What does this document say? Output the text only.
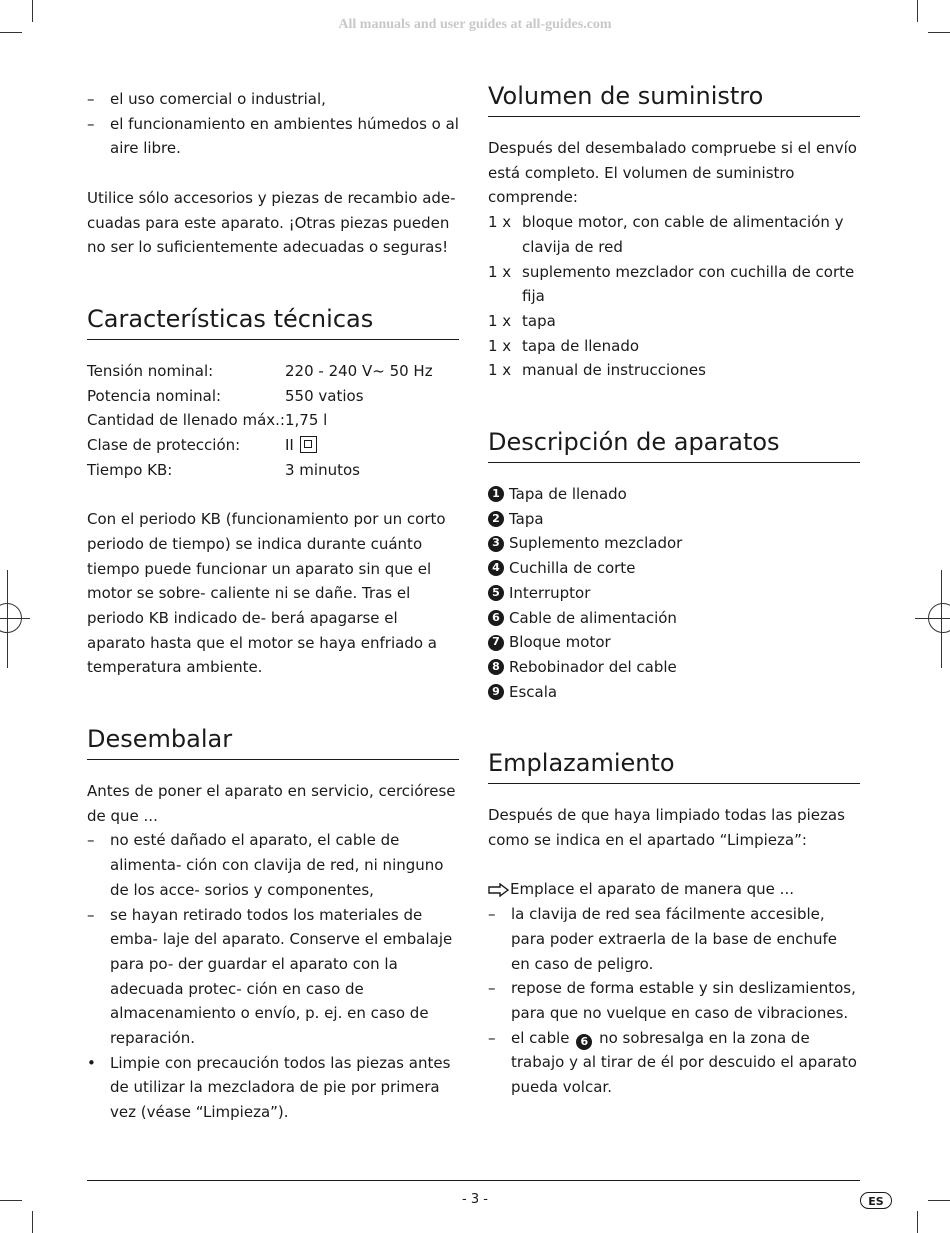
All manuals and user guides at all-guides.com
–	el uso comercial o industrial,
–	el funcionamiento en ambientes húmedos o al aire libre.

Utilice sólo accesorios y piezas de recambio ade- cuadas para este aparato. ¡Otras piezas pueden no ser lo suficientemente adecuadas o seguras!

Características técnicas
Tensión nominal:	220 - 240 V~ 50 Hz
Potencia nominal:	550 vatios
Cantidad de llenado máx.: 1,75 l
Clase de protección:	II
Tiempo KB:	3 minutos

Con el periodo KB (funcionamiento por un corto periodo de tiempo) se indica durante cuánto tiempo puede funcionar un aparato sin que el motor se sobre- caliente ni se dañe. Tras el periodo KB indicado de- berá apagarse el aparato hasta que el motor se haya enfriado a temperatura ambiente.

Desembalar

Antes de poner el aparato en servicio, cerciórese de que ...

–	no esté dañado el aparato, el cable de alimenta- ción con clavija de red, ni ninguno de los acce- sorios y componentes,
–	se hayan retirado todos los materiales de emba- laje del aparato. Conserve el embalaje para po- der guardar el aparato con la adecuada protec- ción en caso de almacenamiento o envío, p. ej. en caso de reparación.
• Limpie con precaución todos las piezas antes de utilizar la mezcladora de pie por primera vez (véase “Limpieza”).
Volumen de suministro

Después del desembalado compruebe si el envío está completo. El volumen de suministro comprende:

1 x bloque motor, con cable de alimentación y clavija de red
1 x suplemento mezclador con cuchilla de corte fija
1 x tapa
1 x tapa de llenado
1 x manual de instrucciones
Descripción de aparatos
1 Tapa de llenado
2 Tapa
3 Suplemento mezclador
4 Cuchilla de corte
5 Interruptor
6 Cable de alimentación
7 Bloque motor
8 Rebobinador del cable
9 Escala
Emplazamiento

Después de que haya limpiado todas las piezas como se indica en el apartado “Limpieza”:

Emplace el aparato de manera que ...
–	la clavija de red sea fácilmente accesible, para poder extraerla de la base de enchufe en caso de peligro.
–	repose de forma estable y sin deslizamientos, para que no vuelque en caso de vibraciones.
–	el cable 6 no sobresalga en la zona de trabajo y al tirar de él por descuido el aparato pueda volcar.
- 3 -	ES
